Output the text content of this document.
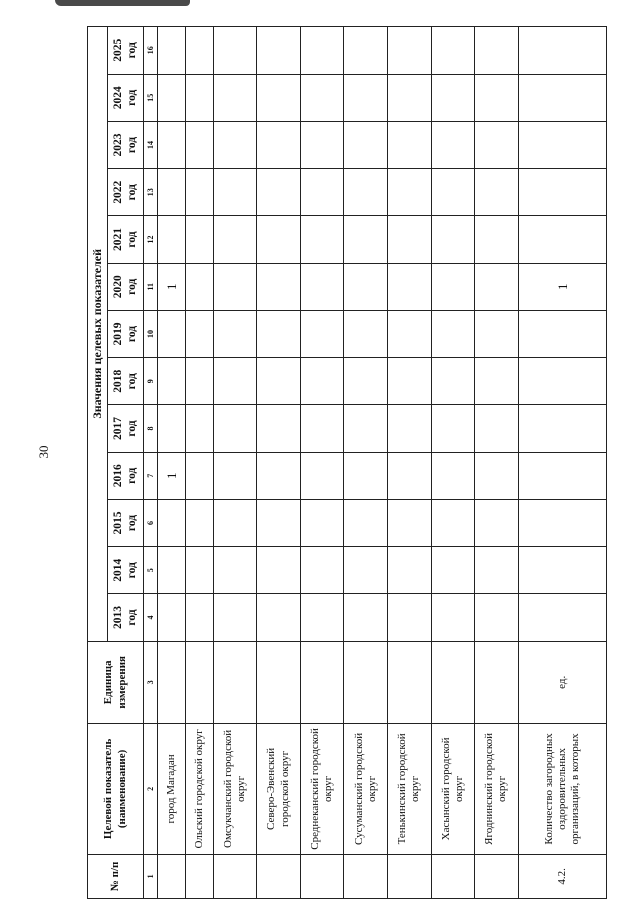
30
№ п/п	Целевой показатель (наименование)	Единица измерения	Значения целевых показателей												
			2013 год	2014 год	2015 год	2016 год	2017 год	2018 год	2019 год	2020 год	2021 год	2022 год	2023 год	2024 год	2025 год
1	2	3	4	5	6	7	8	9	10	11	12	13	14	15	16
	город Магадан					1				1					
	Ольский городской округ														
	Омсукчанский городской округ														
	Северо-Эвенский городской округ														
	Среднеканский городской округ														
	Сусуманский городской округ														
	Тенькинский городской округ														
	Хасынский городской округ														
	Ягоднинский городской округ														
4.2.	Количество загородных оздоровительных организаций, в которых	ед.								1					
